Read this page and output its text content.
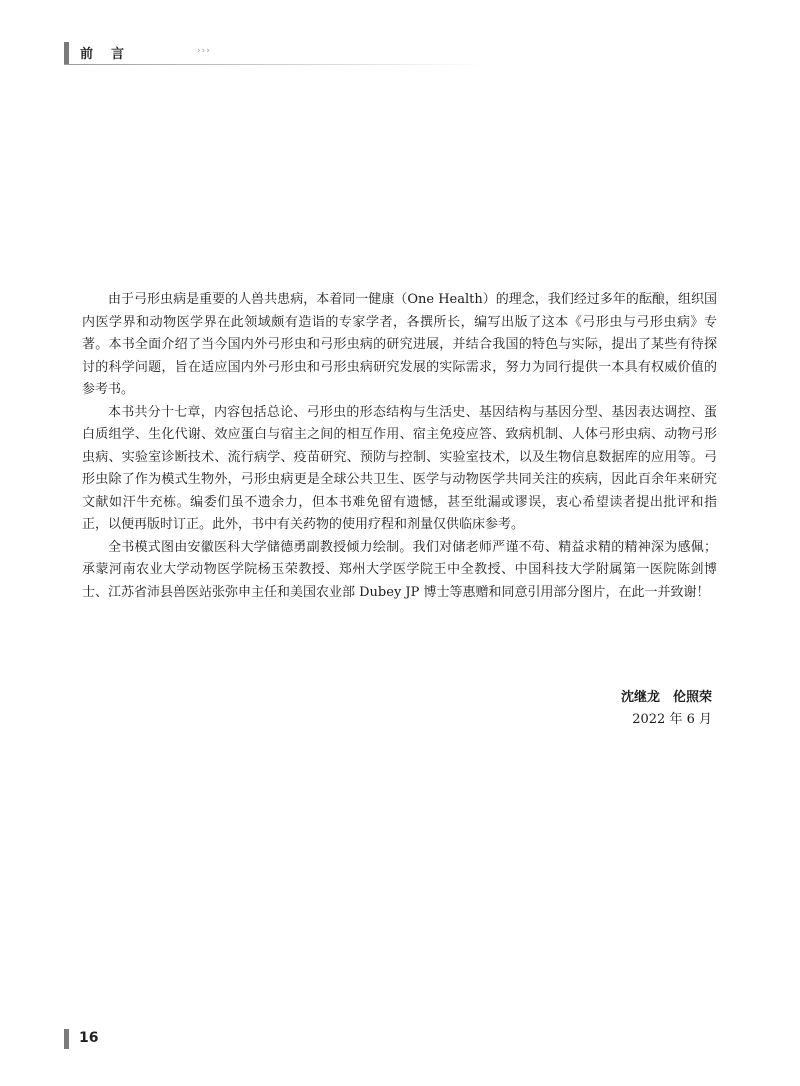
前 言	›››

由于弓形虫病是重要的人兽共患病，本着同一健康（One Health）的理念，我们经过多年的酝酿，组织国内医学界和动物医学界在此领域颇有造诣的专家学者，各撰所长，编写出版了这本《弓形虫与弓形虫病》专著。本书全面介绍了当今国内外弓形虫和弓形虫病的研究进展，并结合我国的特色与实际，提出了某些有待探讨的科学问题，旨在适应国内外弓形虫和弓形虫病研究发展的实际需求，努力为同行提供一本具有权威价值的参考书。

本书共分十七章，内容包括总论、弓形虫的形态结构与生活史、基因结构与基因分型、基因表达调控、蛋白质组学、生化代谢、效应蛋白与宿主之间的相互作用、宿主免疫应答、致病机制、人体弓形虫病、动物弓形虫病、实验室诊断技术、流行病学、疫苗研究、预防与控制、实验室技术，以及生物信息数据库的应用等。弓形虫除了作为模式生物外，弓形虫病更是全球公共卫生、医学与动物医学共同关注的疾病，因此百余年来研究文献如汗牛充栋。编委们虽不遗余力，但本书难免留有遗憾，甚至纰漏或谬误，衷心希望读者提出批评和指正，以便再版时订正。此外，书中有关药物的使用疗程和剂量仅供临床参考。

全书模式图由安徽医科大学储德勇副教授倾力绘制。我们对储老师严谨不苟、精益求精的精神深为感佩；承蒙河南农业大学动物医学院杨玉荣教授、郑州大学医学院王中全教授、中国科技大学附属第一医院陈剑博士、江苏省沛县兽医站张弥申主任和美国农业部 Dubey JP 博士等惠赠和同意引用部分图片，在此一并致谢！

沈继龙　伦照荣
2022 年 6 月
16
